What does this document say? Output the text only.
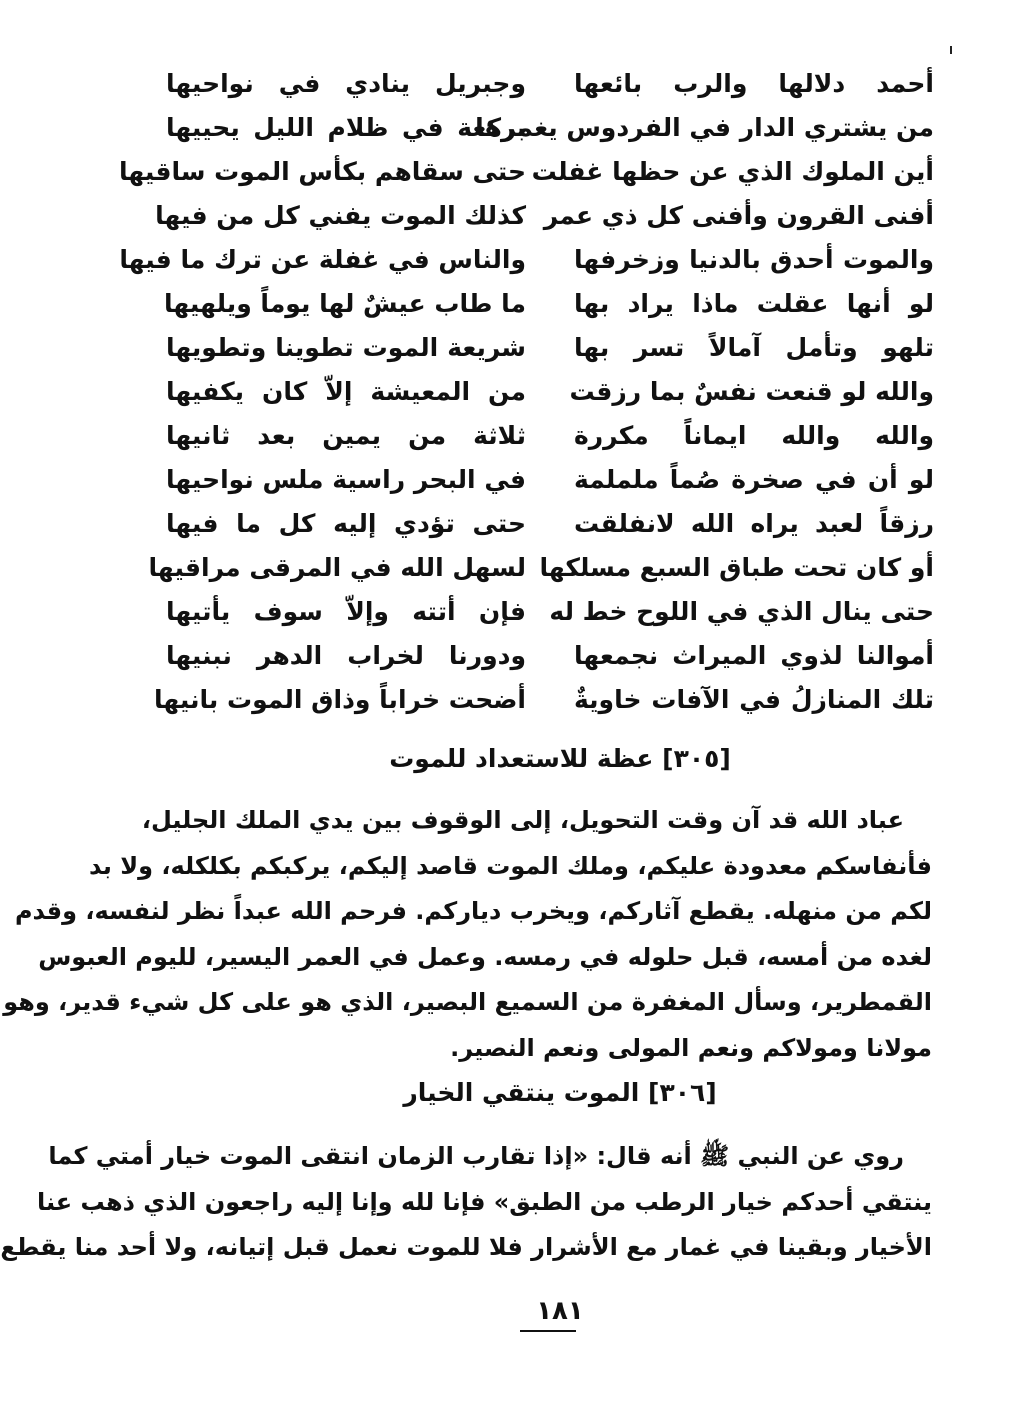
أحمد دلالها والرب بائعها
من يشتري الدار في الفردوس يغمرها
أين الملوك الذي عن حظها غفلت
أفنى القرون وأفنى كل ذي عمر
والموت أحدق بالدنيا وزخرفها
لو أنها عقلت ماذا يراد بها
تلهو وتأمل آمالاً تسر بها
والله لو قنعت نفسٌ بما رزقت
والله والله ايماناً مكررة
لو أن في صخرة صُماً ململمة
رزقاً لعبد يراه الله لانفلقت
أو كان تحت طباق السبع مسلكها
حتى ينال الذي في اللوح خط له
أموالنا لذوي الميراث نجمعها
تلك المنازلُ في الآفات خاويةٌ
وجبريل ينادي في نواحيها
بركعة في ظلام الليل يحييها
حتى سقاهم بكأس الموت ساقيها
كذلك الموت يفني كل من فيها
والناس في غفلة عن ترك ما فيها
ما طاب عيشٌ لها يوماً ويلهيها
شريعة الموت تطوينا وتطويها
من المعيشة إلاّ كان يكفيها
ثلاثة من يمين بعد ثانيها
في البحر راسية ملس نواحيها
حتى تؤدي إليه كل ما فيها
لسهل الله في المرقى مراقيها
فإن أتته وإلاّ سوف يأتيها
ودورنا لخراب الدهر نبنيها
أضحت خراباً وذاق الموت بانيها
[٣٠٥] عظة للاستعداد للموت
عباد الله قد آن وقت التحويل، إلى الوقوف بين يدي الملك الجليل،
فأنفاسكم معدودة عليكم، وملك الموت قاصد إليكم، يركبكم بكلكله، ولا بد
لكم من منهله. يقطع آثاركم، ويخرب دياركم. فرحم الله عبداً نظر لنفسه، وقدم
لغده من أمسه، قبل حلوله في رمسه. وعمل في العمر اليسير، لليوم العبوس
القمطرير، وسأل المغفرة من السميع البصير، الذي هو على كل شيء قدير، وهو
مولانا ومولاكم ونعم المولى ونعم النصير.
[٣٠٦] الموت ينتقي الخيار
روي عن النبي ﷺ أنه قال: «إذا تقارب الزمان انتقى الموت خيار أمتي كما
ينتقي أحدكم خيار الرطب من الطبق» فإنا لله وإنا إليه راجعون الذي ذهب عنا
الأخيار وبقينا في غمار مع الأشرار فلا للموت نعمل قبل إتيانه، ولا أحد منا يقطع
١٨١
